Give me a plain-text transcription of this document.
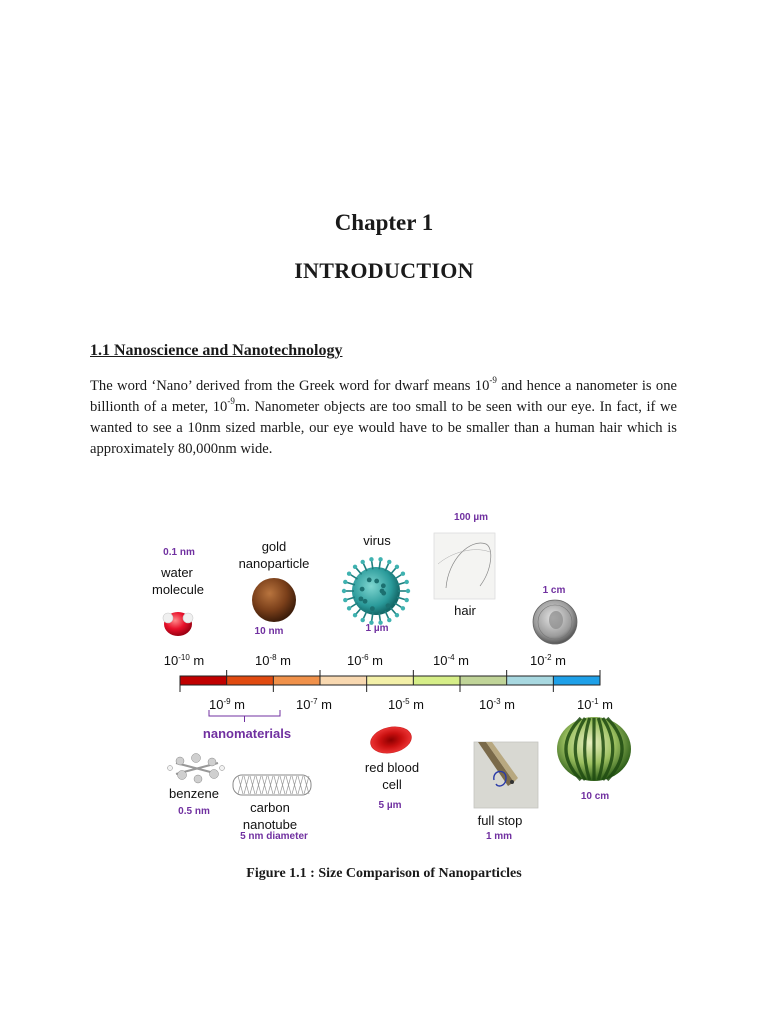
Chapter 1
INTRODUCTION
1.1 Nanoscience and Nanotechnology

The word ‘Nano’ derived from the Greek word for dwarf means $10^{-9}$ and hence a nanometer is one billionth of a meter, $10^{-9}m$. Nanometer objects are too small to be seen with our eye. In fact, if we wanted to see a 10nm sized marble, our eye would have to be smaller than a human hair which is approximately 80,000nm wide.

0.1 nm
water
molecule
gold
nanoparticle
10 nm
virus
1 µm
100 µm
hair
1 cm
$10^{-10}$ m	$10^{-8}$ m	$10^{-6}$ m	$10^{-4}$ m	$10^{-2}$ m
$10^{-9}$ m	$10^{-7}$ m	$10^{-5}$ m	$10^{-3}$ m	$10^{-1}$ m
nanomaterials
benzene
0.5 nm	carbon
nanotube
5 nm diameter
red blood
cell
5 µm
full stop
1 mm
10 cm

Figure 1.1 : Size Comparison of Nanoparticles
